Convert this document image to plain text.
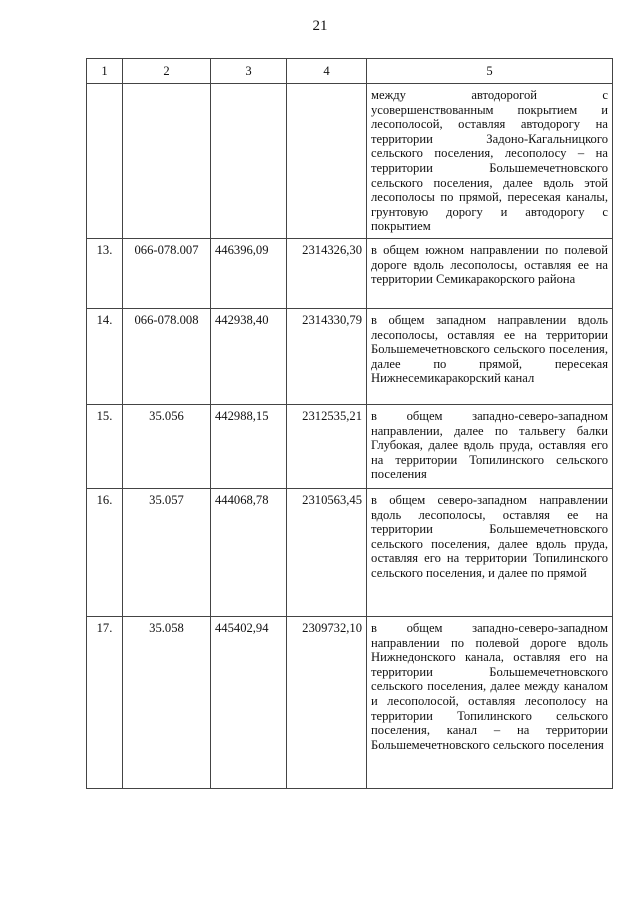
21
1	2	3	4	5
				между автодорогой с усовершенствованным покрытием и лесополосой, оставляя автодорогу на территории Задоно-Кагальницкого сельского поселения, лесополосу – на территории Большемечетновского сельского поселения, далее вдоль этой лесополосы по прямой, пересекая каналы, грунтовую дорогу и автодорогу с покрытием
13.	066-078.007	446396,09	2314326,30	в общем южном направлении по полевой дороге вдоль лесополосы, оставляя ее на территории Семикаракорского района
14.	066-078.008	442938,40	2314330,79	в общем западном направлении вдоль лесополосы, оставляя ее на территории Большемечетновского сельского поселения, далее по прямой, пересекая Нижнесемикаракорский канал
15.	35.056	442988,15	2312535,21	в общем западно-северо-западном направлении, далее по тальвегу балки Глубокая, далее вдоль пруда, оставляя его на территории Топилинского сельского поселения
16.	35.057	444068,78	2310563,45	в общем северо-западном направлении вдоль лесополосы, оставляя ее на территории Большемечетновского сельского поселения, далее вдоль пруда, оставляя его на территории Топилинского сельского поселения, и далее по прямой
17.	35.058	445402,94	2309732,10	в общем западно-северо-западном направлении по полевой дороге вдоль Нижнедонского канала, оставляя его на территории Большемечетновского сельского поселения, далее между каналом и лесополосой, оставляя лесополосу на территории Топилинского сельского поселения, канал – на территории Большемечетновского сельского поселения
